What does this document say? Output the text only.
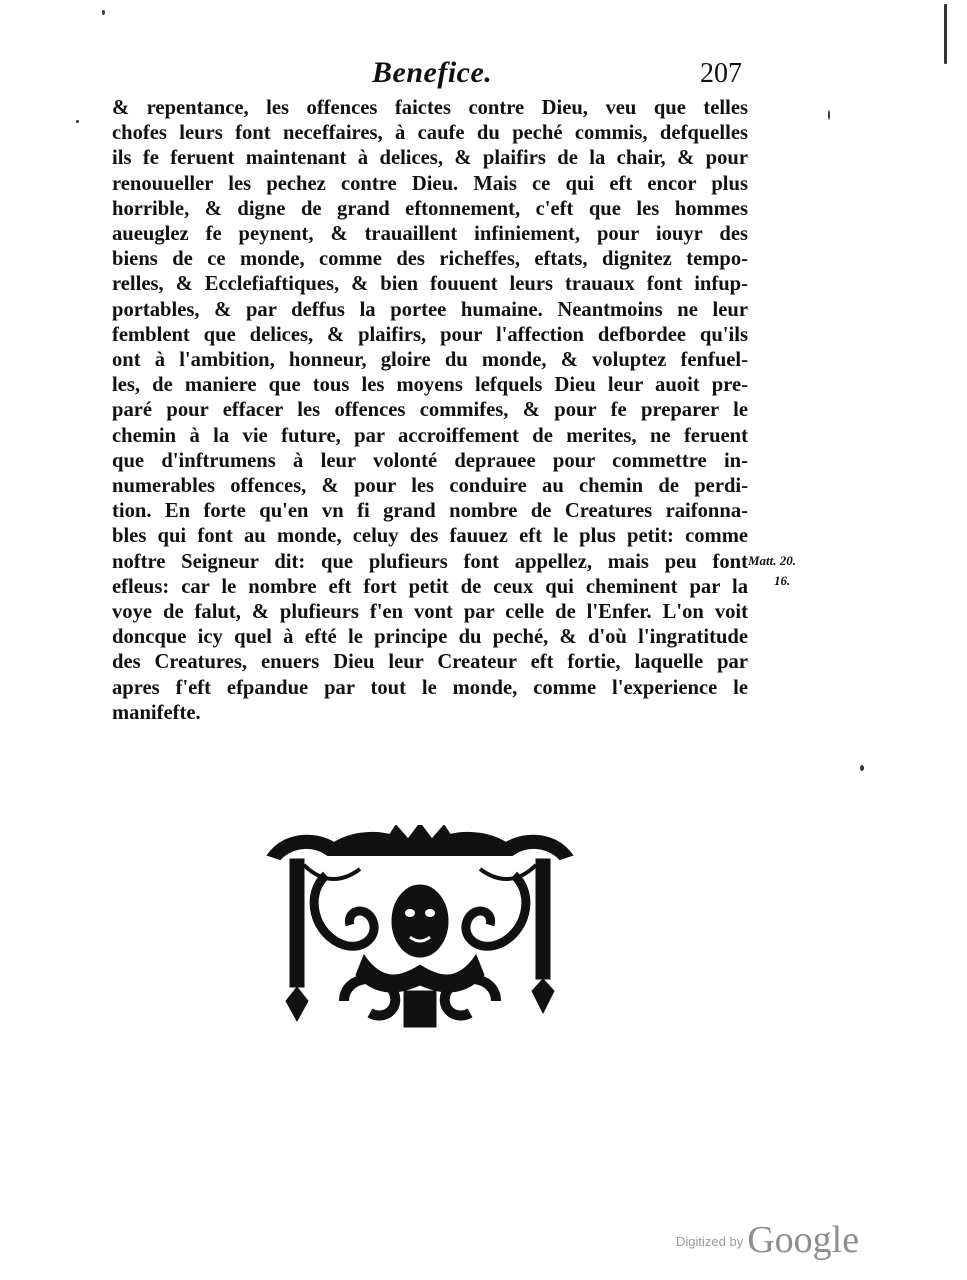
Benefice.	207
& repentance, les offences faictes contre Dieu, veu que telles
chofes leurs font neceffaires, à caufe du peché commis, defquelles
ils fe feruent maintenant à delices, & plaifirs de la chair, & pour
renouueller les pechez contre Dieu. Mais ce qui eft encor plus
horrible, & digne de grand eftonnement, c'eft que les hommes
aueuglez fe peynent, & trauaillent infiniement, pour iouyr des
biens de ce monde, comme des richeffes, eftats, dignitez tempo-
relles, & Ecclefiaftiques, & bien fouuent leurs trauaux font infup-
portables, & par deffus la portee humaine. Neantmoins ne leur
femblent que delices, & plaifirs, pour l'affection defbordee qu'ils
ont à l'ambition, honneur, gloire du monde, & voluptez fenfuel-
les, de maniere que tous les moyens lefquels Dieu leur auoit pre-
paré pour effacer les offences commifes, & pour fe preparer le
chemin à la vie future, par accroiffement de merites, ne feruent
que d'inftrumens à leur volonté deprauee pour commettre in-
numerables offences, & pour les conduire au chemin de perdi-
tion. En forte qu'en vn fi grand nombre de Creatures raifonna-
bles qui font au monde, celuy des fauuez eft le plus petit: comme
noftre Seigneur dit: que plufieurs font appellez, mais peu font
efleus: car le nombre eft fort petit de ceux qui cheminent par la
voye de falut, & plufieurs f'en vont par celle de l'Enfer. L'on voit
doncque icy quel à efté le principe du peché, & d'où l'ingratitude
des Creatures, enuers Dieu leur Createur eft fortie, laquelle par
apres f'eft efpandue par tout le monde, comme l'experience le
manifefte.
Matt. 20.
16.
$^{Digitized by}$ Google
